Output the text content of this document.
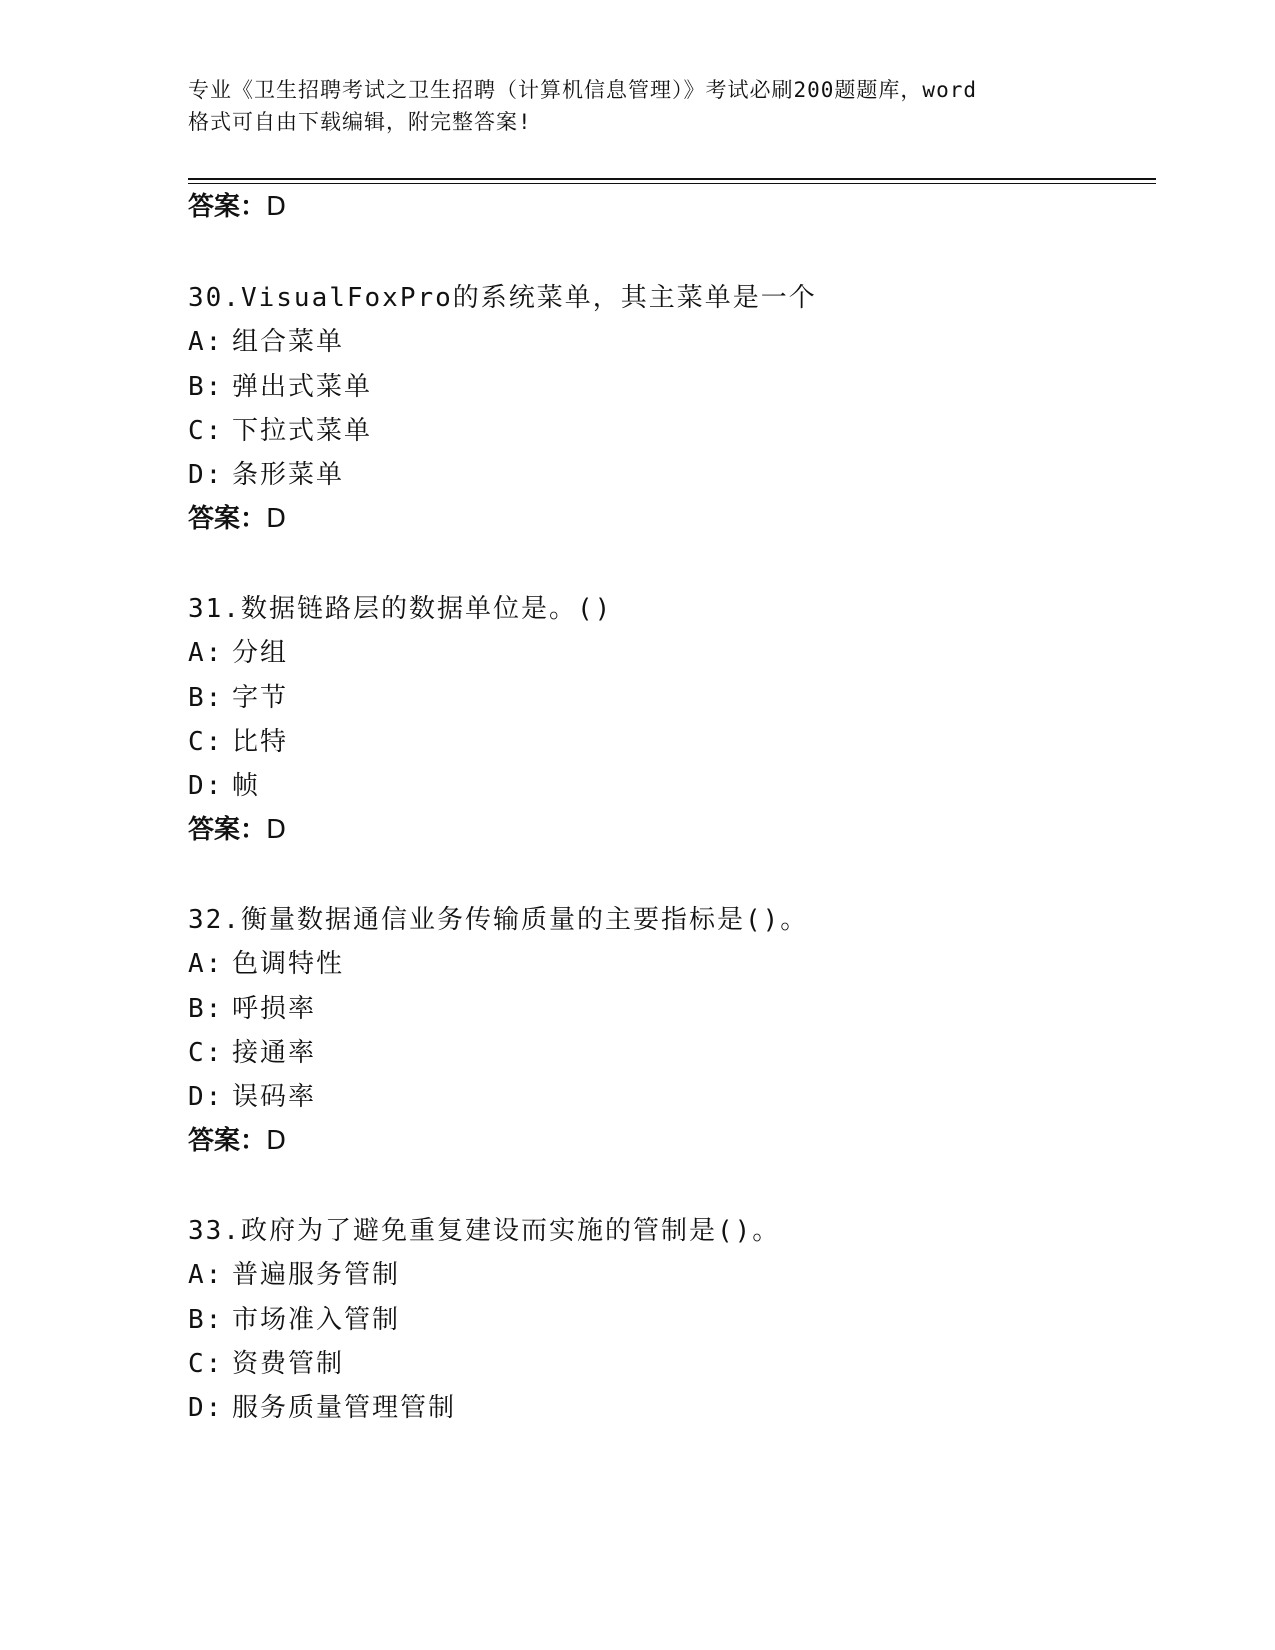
专业《卫生招聘考试之卫生招聘（计算机信息管理）》考试必刷200题题库，word
格式可自由下载编辑，附完整答案!
答案：D
30.VisualFoxPro的系统菜单，其主菜单是一个
A: 组合菜单
B: 弹出式菜单
C: 下拉式菜单
D: 条形菜单
答案：D
31.数据链路层的数据单位是。()
A: 分组
B: 字节
C: 比特
D: 帧
答案：D
32.衡量数据通信业务传输质量的主要指标是()。
A: 色调特性
B: 呼损率
C: 接通率
D: 误码率
答案：D
33.政府为了避免重复建设而实施的管制是()。
A: 普遍服务管制
B: 市场准入管制
C: 资费管制
D: 服务质量管理管制
